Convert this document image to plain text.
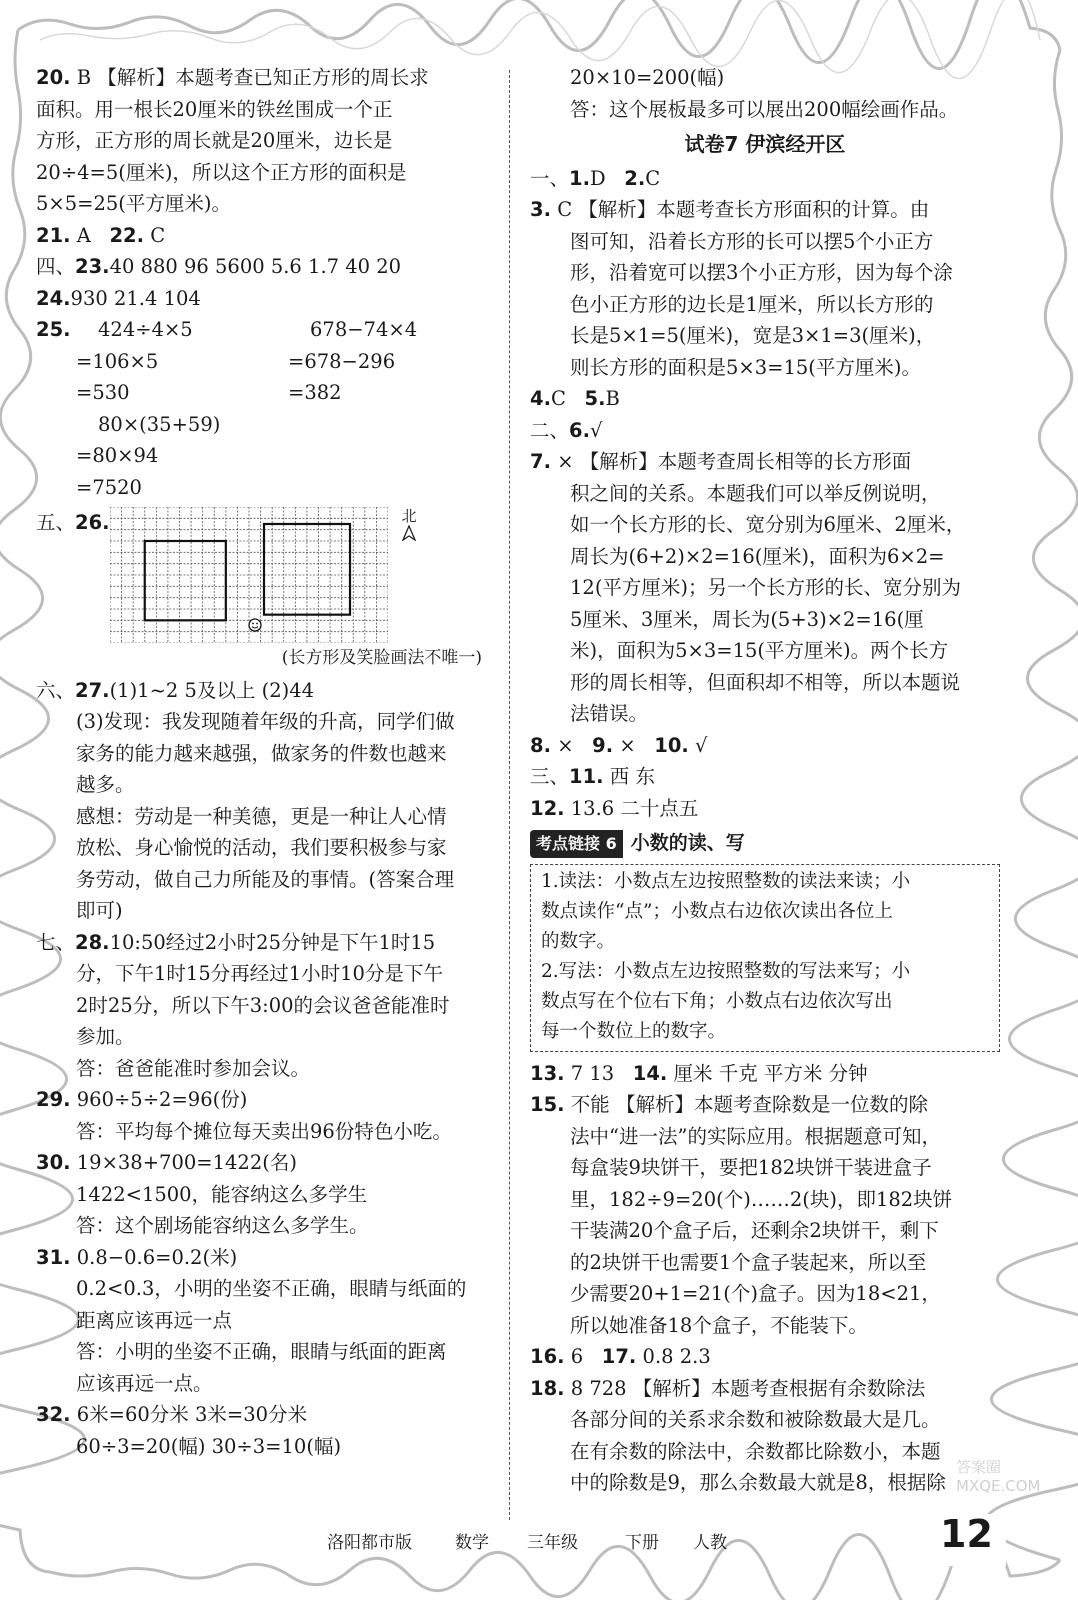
20. B 【解析】本题考查已知正方形的周长求
面积。用一根长20厘米的铁丝围成一个正
方形，正方形的周长就是20厘米，边长是
20÷4=5(厘米)，所以这个正方形的面积是
5×5=25(平方厘米)。
21. A 22. C
四、23.40 880 96 5600 5.6 1.7 40 20
24.930 21.4 104
25. 424÷4×5
=106×5
=530
678−74×4
=678−296
=382
80×(35+59)
=80×94
=7520
五、26.	北
(长方形及笑脸画法不唯一)
六、27.(1)1~2 5及以上 (2)44
(3)发现：我发现随着年级的升高，同学们做
家务的能力越来越强，做家务的件数也越来
越多。
感想：劳动是一种美德，更是一种让人心情
放松、身心愉悦的活动，我们要积极参与家
务劳动，做自己力所能及的事情。(答案合理
即可)
七、28.10:50经过2小时25分钟是下午1时15
分，下午1时15分再经过1小时10分是下午
2时25分，所以下午3:00的会议爸爸能准时
参加。
答：爸爸能准时参加会议。
29. 960÷5÷2=96(份)
答：平均每个摊位每天卖出96份特色小吃。
30. 19×38+700=1422(名)
1422<1500，能容纳这么多学生
答：这个剧场能容纳这么多学生。
31. 0.8−0.6=0.2(米)
0.2<0.3，小明的坐姿不正确，眼睛与纸面的
距离应该再远一点
答：小明的坐姿不正确，眼睛与纸面的距离
应该再远一点。
32. 6米=60分米 3米=30分米
60÷3=20(幅) 30÷3=10(幅)
20×10=200(幅)
答：这个展板最多可以展出200幅绘画作品。
试卷7 伊滨经开区
一、1.D 2.C
3. C 【解析】本题考查长方形面积的计算。由
图可知，沿着长方形的长可以摆5个小正方
形，沿着宽可以摆3个小正方形，因为每个涂
色小正方形的边长是1厘米，所以长方形的
长是5×1=5(厘米)，宽是3×1=3(厘米)，
则长方形的面积是5×3=15(平方厘米)。
4.C 5.B
二、6.√
7. × 【解析】本题考查周长相等的长方形面
积之间的关系。本题我们可以举反例说明，
如一个长方形的长、宽分别为6厘米、2厘米，
周长为(6+2)×2=16(厘米)，面积为6×2=
12(平方厘米)；另一个长方形的长、宽分别为
5厘米、3厘米，周长为(5+3)×2=16(厘
米)，面积为5×3=15(平方厘米)。两个长方
形的周长相等，但面积却不相等，所以本题说
法错误。
8. × 9. × 10. √
三、11. 西 东
12. 13.6 二十点五
考点链接 6 小数的读、写
1.读法：小数点左边按照整数的读法来读；小
数点读作“点”；小数点右边依次读出各位上
的数字。
2.写法：小数点左边按照整数的写法来写；小
数点写在个位右下角；小数点右边依次写出
每一个数位上的数字。
13. 7 13 14. 厘米 千克 平方米 分钟
15. 不能 【解析】本题考查除数是一位数的除
法中“进一法”的实际应用。根据题意可知，
每盒装9块饼干，要把182块饼干装进盒子
里，182÷9=20(个)……2(块)，即182块饼
干装满20个盒子后，还剩余2块饼干，剩下
的2块饼干也需要1个盒子装起来，所以至
少需要20+1=21(个)盒子。因为18<21，
所以她准备18个盒子，不能装下。
16. 6 17. 0.8 2.3
18. 8 728 【解析】本题考查根据有余数除法
各部分间的关系求余数和被除数最大是几。
在有余数的除法中，余数都比除数小，本题
中的除数是9，那么余数最大就是8，根据除
洛阳都市版	数学 三年级	下册 人教	12
答案圈 MXQE.COM
